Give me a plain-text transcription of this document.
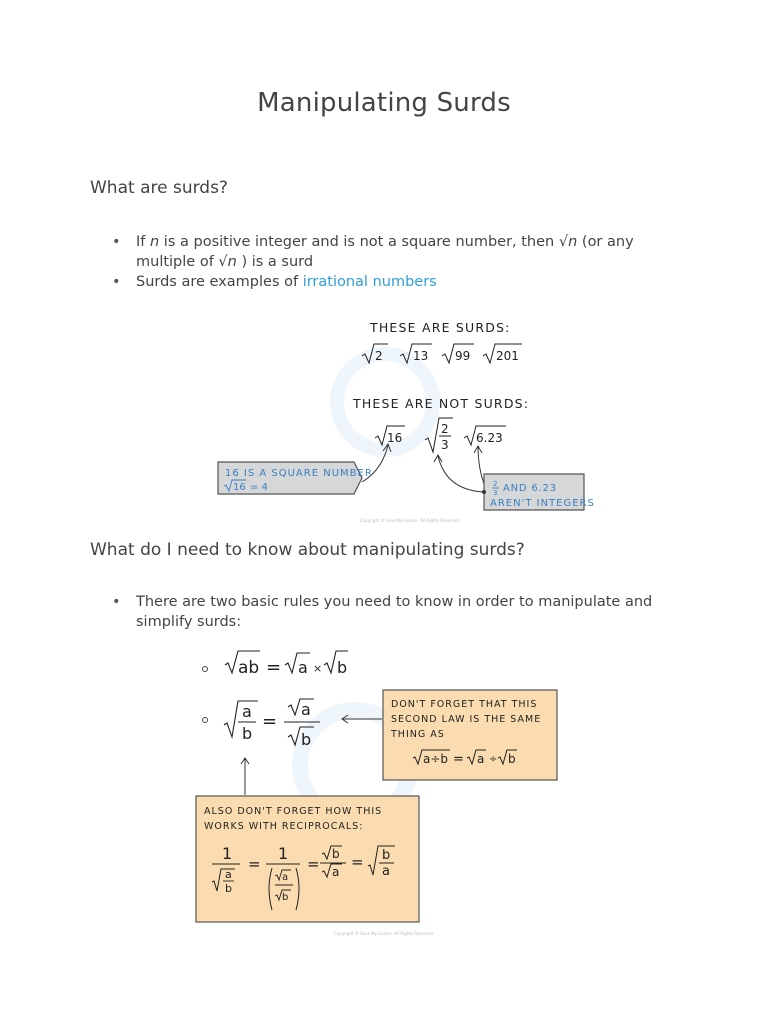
Manipulating Surds
What are surds?
• If n is a positive integer and is not a square number, then √n (or any multiple of √n ) is a surd
• Surds are examples of irrational numbers
THESE ARE SURDS:
2	13 99 201
THESE ARE NOT SURDS:
16
2
3 6.23
16 IS A SQUARE NUMBER
16 = 4	2
3 AND 6.23
AREN'T INTEGERS
Copyright © Save My Exams. All Rights Reserved
What do I need to know about manipulating surds?
• There are two basic rules you need to know in order to manipulate and simplify surds:
ab = a × b
a
b
=
a
b
DON'T FORGET THAT THIS
SECOND LAW IS THE SAME
THING AS
a÷b = a ÷ b
ALSO DON'T FORGET HOW THIS
WORKS WITH RECIPROCALS:
1
a
b
=
1
a
b
=
b
a
= b
a
Copyright © Save My Exams. All Rights Reserved
